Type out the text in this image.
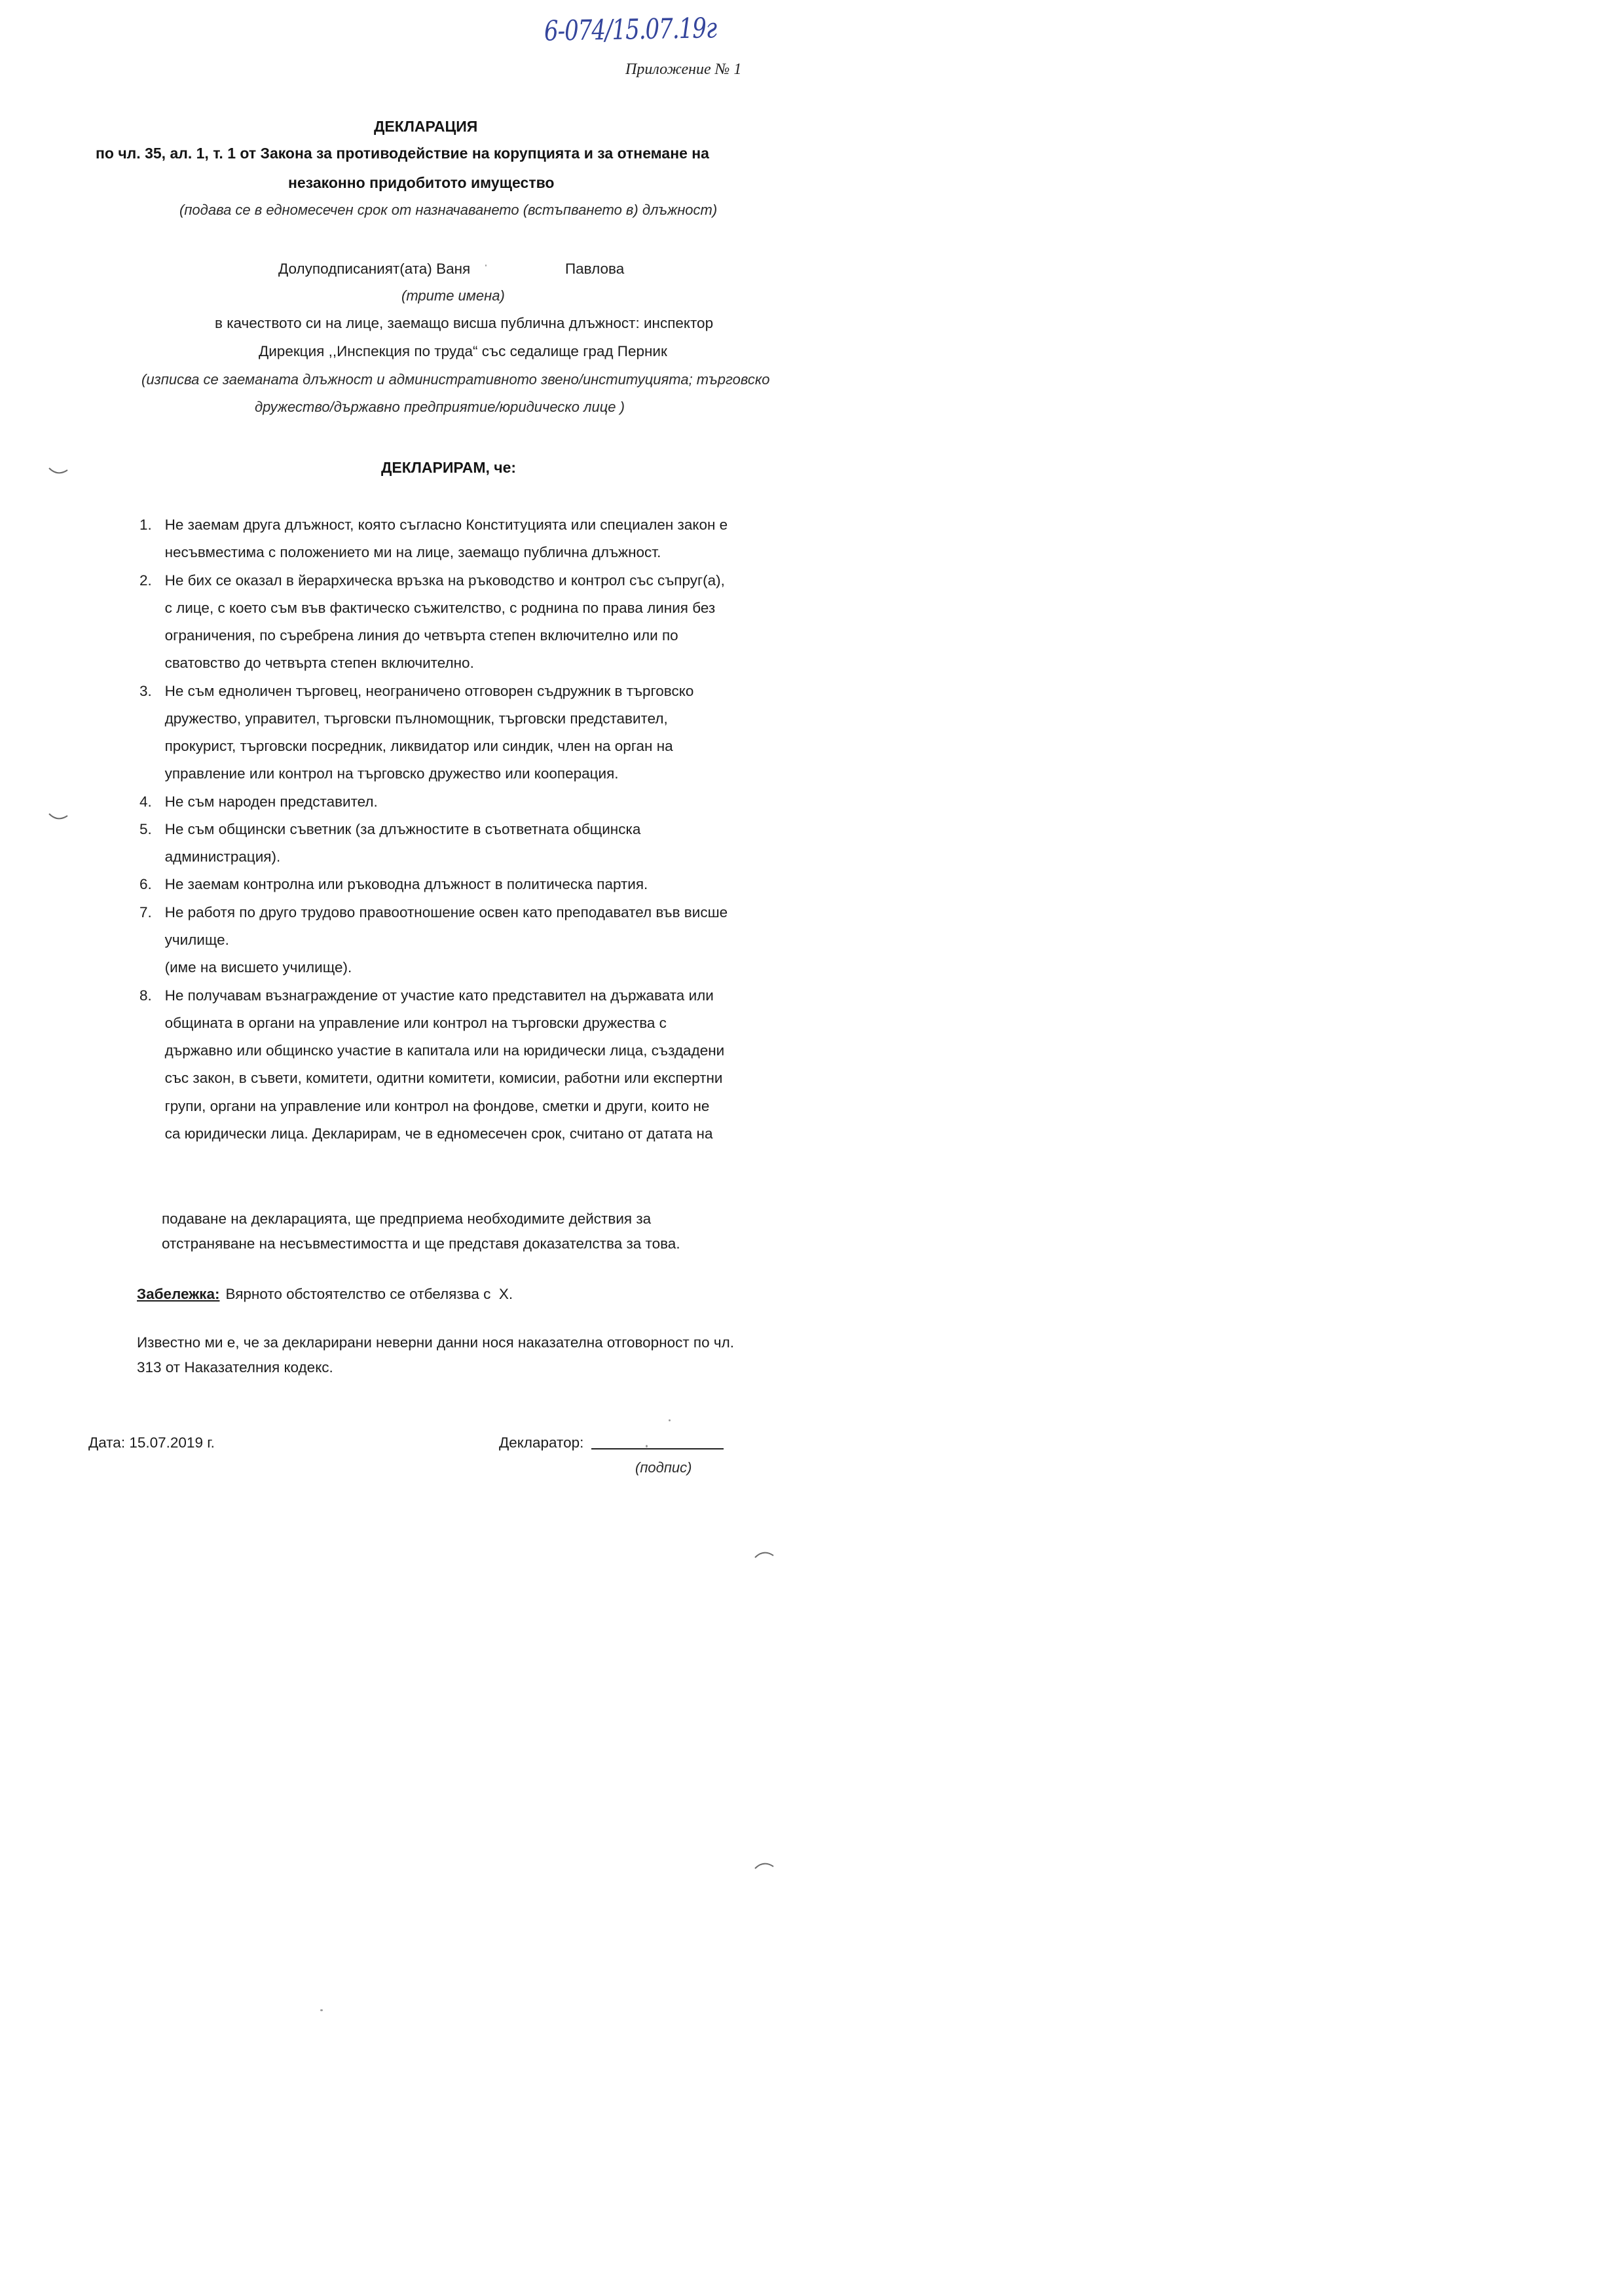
6-074/15.07.19г
Приложение № 1
ДЕКЛАРАЦИЯ
по чл. 35, ал. 1, т. 1 от Закона за противодействие на корупцията и за отнемане на
незаконно придобитото имущество
(подава се в едномесечен срок от назначаването (встъпването в) длъжност)
Долуподписаният(ата) Ваня	Павлова
(трите имена)
в качеството си на лице, заемащо висша публична длъжност: инспектор
Дирекция ,,Инспекция по труда“ със седалище град Перник
(изписва се заеманата длъжност и административното звено/институцията; търговско
дружество/държавно предприятие/юридическо лице )
ДЕКЛАРИРАМ, че:
1. Не заемам друга длъжност, която съгласно Конституцията или специален закон е
несъвместима с положението ми на лице, заемащо публична длъжност.
2. Не бих се оказал в йерархическа връзка на ръководство и контрол със съпруг(а),
с лице, с което съм във фактическо съжителство, с роднина по права линия без
ограничения, по съребрена линия до четвърта степен включително или по
сватовство до четвърта степен включително.
3. Не съм едноличен търговец, неограничено отговорен съдружник в търговско
дружество, управител, търговски пълномощник, търговски представител,
прокурист, търговски посредник, ликвидатор или синдик, член на орган на
управление или контрол на търговско дружество или кооперация.
4. Не съм народен представител.
5. Не съм общински съветник (за длъжностите в съответната общинска
администрация).
6. Не заемам контролна или ръководна длъжност в политическа партия.
7. Не работя по друго трудово правоотношение освен като преподавател във висше
училище.
(име на висшето училище).
8. Не получавам възнаграждение от участие като представител на държавата или
общината в органи на управление или контрол на търговски дружества с
държавно или общинско участие в капитала или на юридически лица, създадени
със закон, в съвети, комитети, одитни комитети, комисии, работни или експертни
групи, органи на управление или контрол на фондове, сметки и други, които не
са юридически лица. Декларирам, че в едномесечен срок, считано от датата на
подаване на декларацията, ще предприема необходимите действия за
отстраняване на несъвместимостта и ще представя доказателства за това.
Забележка: Вярното обстоятелство се отбелязва с  Х.
Известно ми е, че за декларирани неверни данни нося наказателна отговорност по чл.
313 от Наказателния кодекс.
Дата: 15.07.2019 г.	Декларатор:
(подпис)
